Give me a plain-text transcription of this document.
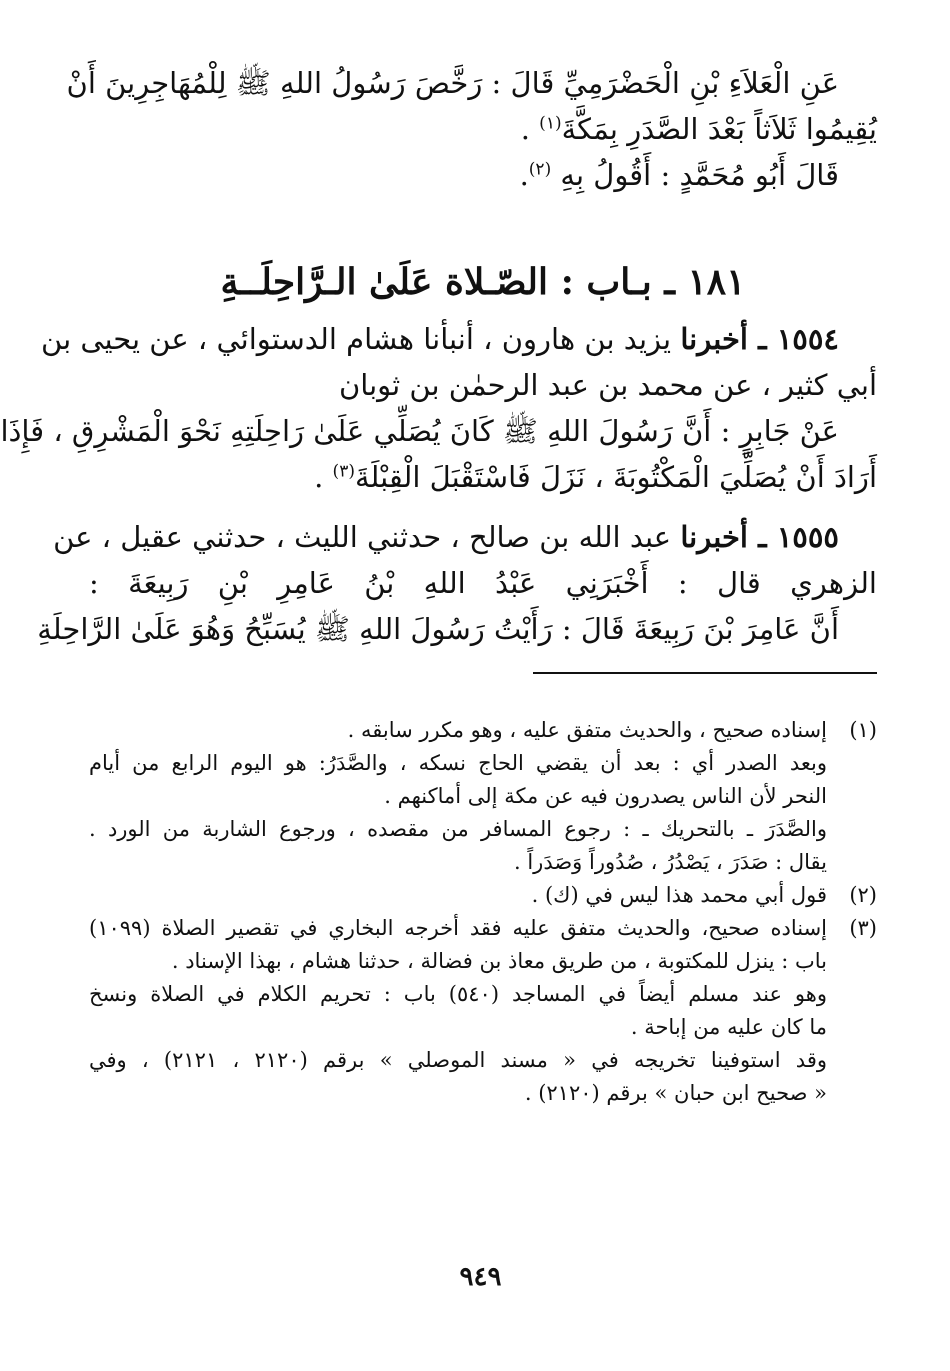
عَنِ الْعَلاَءِ بْنِ الْحَضْرَمِيِّ قَالَ : رَخَّصَ رَسُولُ اللهِ ﷺ لِلْمُهَاجِرِينَ أَنْ
يُقِيمُوا ثَلاَثاً بَعْدَ الصَّدَرِ بِمَكَّةَ$^{(١)}$ .
قَالَ أَبُو مُحَمَّدٍ : أَقُولُ بِهِ $^{(٢)}$.
١٨١ ـ بـاب : الصّـلاة عَلَىٰ الـرَّاحِلَــةِ
١٥٥٤ ـ أخبرنا يزيد بن هارون ، أنبأنا هشام الدستوائي ، عن يحيى بن
أبي كثير ، عن محمد بن عبد الرحمٰن بن ثوبان
عَنْ جَابِرٍ : أَنَّ رَسُولَ اللهِ ﷺ كَانَ يُصَلِّي عَلَىٰ رَاحِلَتِهِ نَحْوَ الْمَشْرِقِ ، فَإِذَا
أَرَادَ أَنْ يُصَلِّيَ الْمَكْتُوبَةَ ، نَزَلَ فَاسْتَقْبَلَ الْقِبْلَةَ$^{(٣)}$ .
١٥٥٥ ـ أخبرنا عبد الله بن صالح ، حدثني الليث ، حدثني عقيل ، عن
الزهري قال : أَخْبَرَنِي عَبْدُ اللهِ بْنُ عَامِرِ بْنِ رَبِيعَةَ :
أَنَّ عَامِرَ بْنَ رَبِيعَةَ قَالَ : رَأَيْتُ رَسُولَ اللهِ ﷺ يُسَبِّحُ وَهُوَ عَلَىٰ الرَّاحِلَةِ
(١)
إسناده صحيح ، والحديث متفق عليه ، وهو مكرر سابقه .
وبعد الصدر أي : بعد أن يقضي الحاج نسكه ، والصَّدَرُ: هو اليوم الرابع من أيام
النحر لأن الناس يصدرون فيه عن مكة إلى أماكنهم .
والصَّدَرَ ـ بالتحريك ـ : رجوع المسافر من مقصده ، ورجوع الشاربة من الورد .
يقال : صَدَرَ ، يَصْدُرُ ، صُدُوراً وَصَدَراً .
(٢)
قول أبي محمد هذا ليس في (ك) .
(٣)
إسناده صحيح، والحديث متفق عليه فقد أخرجه البخاري في تقصير الصلاة (١٠٩٩)
باب : ينزل للمكتوبة ، من طريق معاذ بن فضالة ، حدثنا هشام ، بهذا الإسناد .
وهو عند مسلم أيضاً في المساجد (٥٤٠) باب : تحريم الكلام في الصلاة ونسخ
ما كان عليه من إباحة .
وقد استوفينا تخريجه في « مسند الموصلي » برقم (٢١٢٠ ، ٢١٢١) ، وفي
« صحيح ابن حبان » برقم (٢١٢٠) .
٩٤٩
